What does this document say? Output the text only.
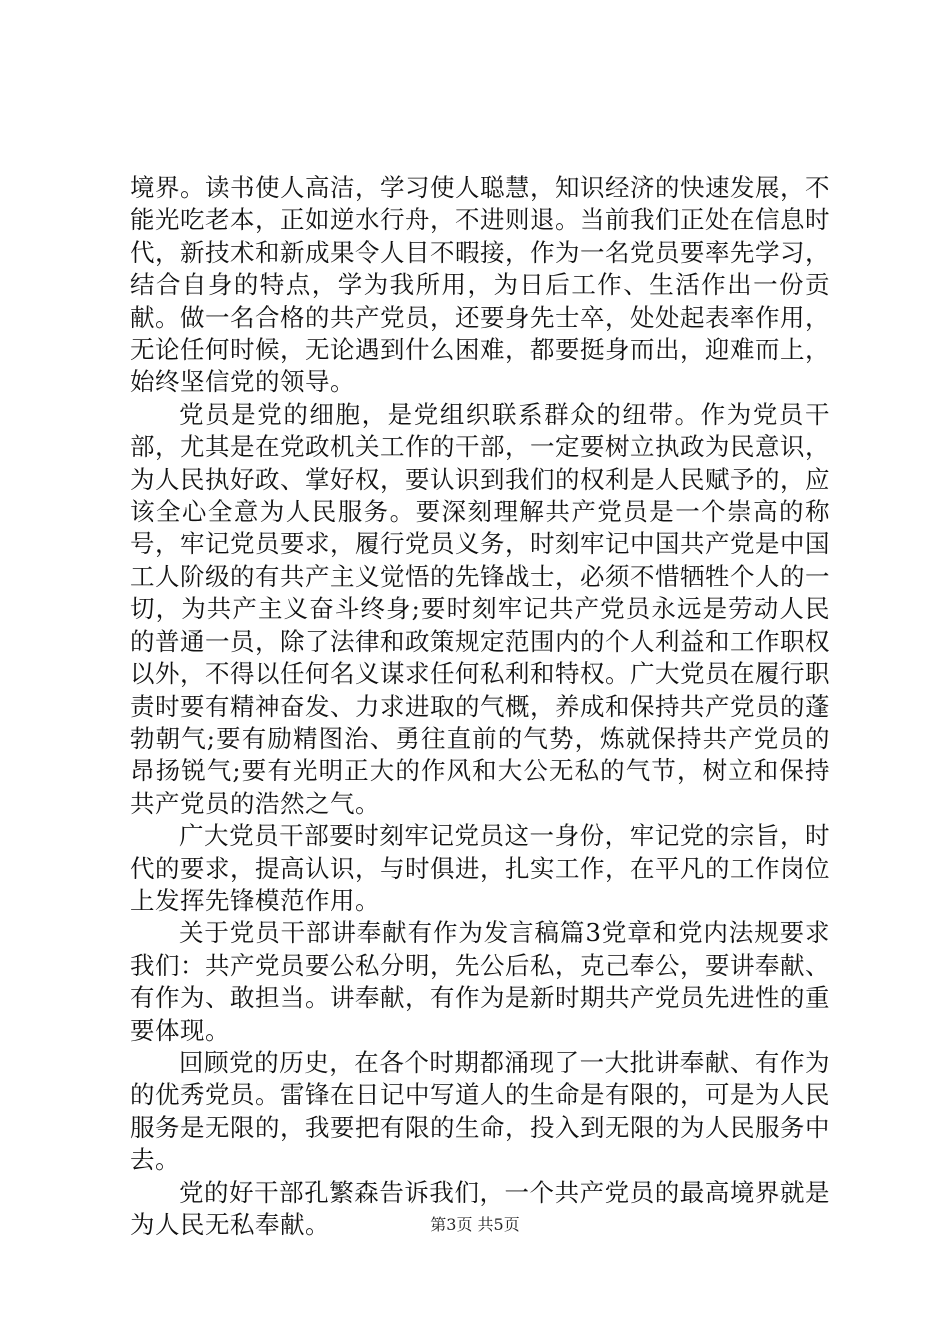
境界。读书使人高洁，学习使人聪慧，知识经济的快速发展，不能光吃老本，正如逆水行舟，不进则退。当前我们正处在信息时代，新技术和新成果令人目不暇接，作为一名党员要率先学习，结合自身的特点，学为我所用，为日后工作、生活作出一份贡献。做一名合格的共产党员，还要身先士卒，处处起表率作用，无论任何时候，无论遇到什么困难，都要挺身而出，迎难而上，始终坚信党的领导。

党员是党的细胞，是党组织联系群众的纽带。作为党员干部，尤其是在党政机关工作的干部，一定要树立执政为民意识，为人民执好政、掌好权，要认识到我们的权利是人民赋予的，应该全心全意为人民服务。要深刻理解共产党员是一个崇高的称号，牢记党员要求，履行党员义务，时刻牢记中国共产党是中国工人阶级的有共产主义觉悟的先锋战士，必须不惜牺牲个人的一切，为共产主义奋斗终身;要时刻牢记共产党员永远是劳动人民的普通一员，除了法律和政策规定范围内的个人利益和工作职权以外，不得以任何名义谋求任何私利和特权。广大党员在履行职责时要有精神奋发、力求进取的气概，养成和保持共产党员的蓬勃朝气;要有励精图治、勇往直前的气势，炼就保持共产党员的昂扬锐气;要有光明正大的作风和大公无私的气节，树立和保持共产党员的浩然之气。

广大党员干部要时刻牢记党员这一身份，牢记党的宗旨，时代的要求，提高认识，与时俱进，扎实工作，在平凡的工作岗位上发挥先锋模范作用。

关于党员干部讲奉献有作为发言稿篇3党章和党内法规要求我们：共产党员要公私分明，先公后私，克己奉公，要讲奉献、有作为、敢担当。讲奉献，有作为是新时期共产党员先进性的重要体现。

回顾党的历史，在各个时期都涌现了一大批讲奉献、有作为的优秀党员。雷锋在日记中写道人的生命是有限的，可是为人民服务是无限的，我要把有限的生命，投入到无限的为人民服务中去。

党的好干部孔繁森告诉我们，一个共产党员的最高境界就是为人民无私奉献。	第3页 共5页
